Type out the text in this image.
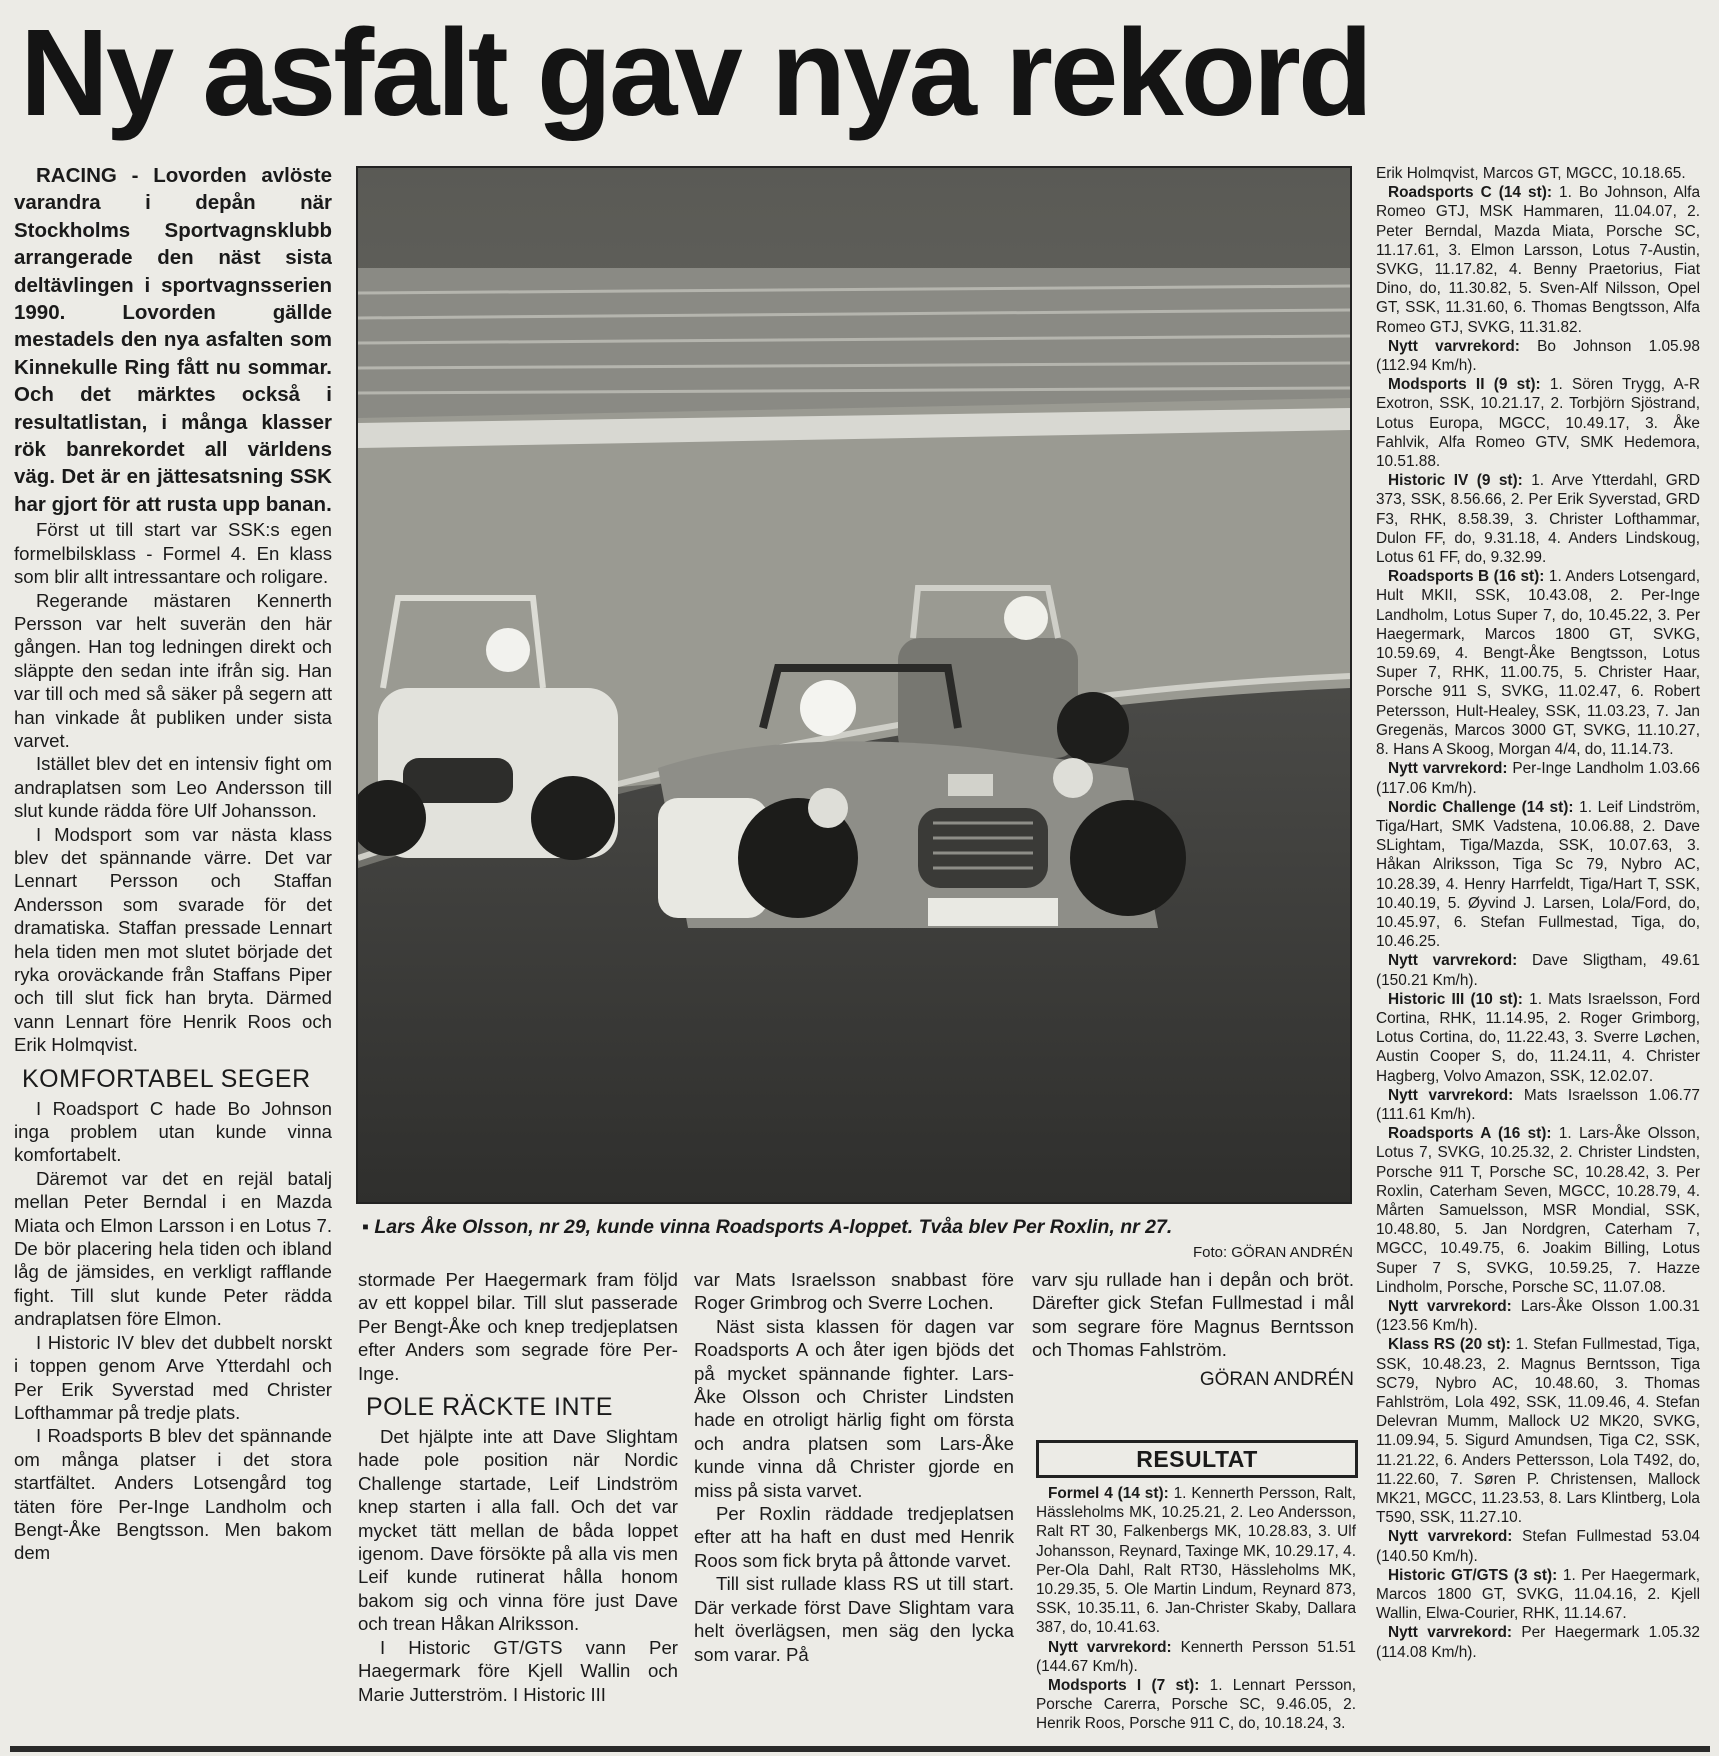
Ny asfalt gav nya rekord

RACING - Lovorden avlöste varandra i depån när Stockholms Sportvagnsklubb arrangerade den näst sista deltävlingen i sportvagnsserien 1990. Lovorden gällde mestadels den nya asfalten som Kinnekulle Ring fått nu sommar. Och det märktes också i resultatlistan, i många klasser rök banrekordet all världens väg. Det är en jättesatsning SSK har gjort för att rusta upp banan.

Först ut till start var SSK:s egen formelbilsklass - Formel 4. En klass som blir allt intressantare och roligare.

Regerande mästaren Kennerth Persson var helt suverän den här gången. Han tog ledningen direkt och släppte den sedan inte ifrån sig. Han var till och med så säker på segern att han vinkade åt publiken under sista varvet.

Istället blev det en intensiv fight om andraplatsen som Leo Andersson till slut kunde rädda före Ulf Johansson.

I Modsport som var nästa klass blev det spännande värre. Det var Lennart Persson och Staffan Andersson som svarade för det dramatiska. Staffan pressade Lennart hela tiden men mot slutet började det ryka oroväckande från Staffans Piper och till slut fick han bryta. Därmed vann Lennart före Henrik Roos och Erik Holmqvist.

KOMFORTABEL SEGER

I Roadsport C hade Bo Johnson inga problem utan kunde vinna komfortabelt.

Däremot var det en rejäl batalj mellan Peter Berndal i en Mazda Miata och Elmon Larsson i en Lotus 7. De bör placering hela tiden och ibland låg de jämsides, en verkligt rafflande fight. Till slut kunde Peter rädda andraplatsen före Elmon.

I Historic IV blev det dubbelt norskt i toppen genom Arve Ytterdahl och Per Erik Syverstad med Christer Lofthammar på tredje plats.

I Roadsports B blev det spännande om många platser i det stora startfältet. Anders Lotsengård tog täten före Per-Inge Landholm och Bengt-Åke Bengtsson. Men bakom dem

▪ Lars Åke Olsson, nr 29, kunde vinna Roadsports A-loppet. Tvåa blev Per Roxlin, nr 27.
Foto: GÖRAN ANDRÉN

stormade Per Haegermark fram följd av ett koppel bilar. Till slut passerade Per Bengt-Åke och knep tredjeplatsen efter Anders som segrade före Per-Inge.

POLE RÄCKTE INTE

Det hjälpte inte att Dave Slightam hade pole position när Nordic Challenge startade, Leif Lindström knep starten i alla fall. Och det var mycket tätt mellan de båda loppet igenom. Dave försökte på alla vis men Leif kunde rutinerat hålla honom bakom sig och vinna före just Dave och trean Håkan Alriksson.

I Historic GT/GTS vann Per Haegermark före Kjell Wallin och Marie Jutterström. I Historic III

var Mats Israelsson snabbast före Roger Grimbrog och Sverre Lochen.

Näst sista klassen för dagen var Roadsports A och åter igen bjöds det på mycket spännande fighter. Lars-Åke Olsson och Christer Lindsten hade en otroligt härlig fight om första och andra platsen som Lars-Åke kunde vinna då Christer gjorde en miss på sista varvet.

Per Roxlin räddade tredjeplatsen efter att ha haft en dust med Henrik Roos som fick bryta på åttonde varvet.

Till sist rullade klass RS ut till start. Där verkade först Dave Slightam vara helt överlägsen, men säg den lycka som varar. På

varv sju rullade han i depån och bröt. Därefter gick Stefan Fullmestad i mål som segrare före Magnus Berntsson och Thomas Fahlström.

GÖRAN ANDRÉN

RESULTAT

Formel 4 (14 st): 1. Kennerth Persson, Ralt, Hässleholms MK, 10.25.21, 2. Leo Andersson, Ralt RT 30, Falkenbergs MK, 10.28.83, 3. Ulf Johansson, Reynard, Taxinge MK, 10.29.17, 4. Per-Ola Dahl, Ralt RT30, Hässleholms MK, 10.29.35, 5. Ole Martin Lindum, Reynard 873, SSK, 10.35.11, 6. Jan-Christer Skaby, Dallara 387, do, 10.41.63.

Nytt varvrekord: Kennerth Persson 51.51 (144.67 Km/h).

Modsports I (7 st): 1. Lennart Persson, Porsche Carerra, Porsche SC, 9.46.05, 2. Henrik Roos, Porsche 911 C, do, 10.18.24, 3.

Erik Holmqvist, Marcos GT, MGCC, 10.18.65.

Roadsports C (14 st): 1. Bo Johnson, Alfa Romeo GTJ, MSK Hammaren, 11.04.07, 2. Peter Berndal, Mazda Miata, Porsche SC, 11.17.61, 3. Elmon Larsson, Lotus 7-Austin, SVKG, 11.17.82, 4. Benny Praetorius, Fiat Dino, do, 11.30.82, 5. Sven-Alf Nilsson, Opel GT, SSK, 11.31.60, 6. Thomas Bengtsson, Alfa Romeo GTJ, SVKG, 11.31.82.

Nytt varvrekord: Bo Johnson 1.05.98 (112.94 Km/h).

Modsports II (9 st): 1. Sören Trygg, A-R Exotron, SSK, 10.21.17, 2. Torbjörn Sjöstrand, Lotus Europa, MGCC, 10.49.17, 3. Åke Fahlvik, Alfa Romeo GTV, SMK Hedemora, 10.51.88.

Historic IV (9 st): 1. Arve Ytterdahl, GRD 373, SSK, 8.56.66, 2. Per Erik Syverstad, GRD F3, RHK, 8.58.39, 3. Christer Lofthammar, Dulon FF, do, 9.31.18, 4. Anders Lindskoug, Lotus 61 FF, do, 9.32.99.

Roadsports B (16 st): 1. Anders Lotsengard, Hult MKII, SSK, 10.43.08, 2. Per-Inge Landholm, Lotus Super 7, do, 10.45.22, 3. Per Haegermark, Marcos 1800 GT, SVKG, 10.59.69, 4. Bengt-Åke Bengtsson, Lotus Super 7, RHK, 11.00.75, 5. Christer Haar, Porsche 911 S, SVKG, 11.02.47, 6. Robert Petersson, Hult-Healey, SSK, 11.03.23, 7. Jan Gregenäs, Marcos 3000 GT, SVKG, 11.10.27, 8. Hans A Skoog, Morgan 4/4, do, 11.14.73.

Nytt varvrekord: Per-Inge Landholm 1.03.66 (117.06 Km/h).

Nordic Challenge (14 st): 1. Leif Lindström, Tiga/Hart, SMK Vadstena, 10.06.88, 2. Dave SLightam, Tiga/Mazda, SSK, 10.07.63, 3. Håkan Alriksson, Tiga Sc 79, Nybro AC, 10.28.39, 4. Henry Harrfeldt, Tiga/Hart T, SSK, 10.40.19, 5. Øyvind J. Larsen, Lola/Ford, do, 10.45.97, 6. Stefan Fullmestad, Tiga, do, 10.46.25.

Nytt varvrekord: Dave Sligtham, 49.61 (150.21 Km/h).

Historic III (10 st): 1. Mats Israelsson, Ford Cortina, RHK, 11.14.95, 2. Roger Grimborg, Lotus Cortina, do, 11.22.43, 3. Sverre Løchen, Austin Cooper S, do, 11.24.11, 4. Christer Hagberg, Volvo Amazon, SSK, 12.02.07.

Nytt varvrekord: Mats Israelsson 1.06.77 (111.61 Km/h).

Roadsports A (16 st): 1. Lars-Åke Olsson, Lotus 7, SVKG, 10.25.32, 2. Christer Lindsten, Porsche 911 T, Porsche SC, 10.28.42, 3. Per Roxlin, Caterham Seven, MGCC, 10.28.79, 4. Mårten Samuelsson, MSR Mondial, SSK, 10.48.80, 5. Jan Nordgren, Caterham 7, MGCC, 10.49.75, 6. Joakim Billing, Lotus Super 7 S, SVKG, 10.59.25, 7. Hazze Lindholm, Porsche, Porsche SC, 11.07.08.

Nytt varvrekord: Lars-Åke Olsson 1.00.31 (123.56 Km/h).

Klass RS (20 st): 1. Stefan Fullmestad, Tiga, SSK, 10.48.23, 2. Magnus Berntsson, Tiga SC79, Nybro AC, 10.48.60, 3. Thomas Fahlström, Lola 492, SSK, 11.09.46, 4. Stefan Delevran Mumm, Mallock U2 MK20, SVKG, 11.09.94, 5. Sigurd Amundsen, Tiga C2, SSK, 11.21.22, 6. Anders Pettersson, Lola T492, do, 11.22.60, 7. Søren P. Christensen, Mallock MK21, MGCC, 11.23.53, 8. Lars Klintberg, Lola T590, SSK, 11.27.10.

Nytt varvrekord: Stefan Fullmestad 53.04 (140.50 Km/h).

Historic GT/GTS (3 st): 1. Per Haegermark, Marcos 1800 GT, SVKG, 11.04.16, 2. Kjell Wallin, Elwa-Courier, RHK, 11.14.67.

Nytt varvrekord: Per Haegermark 1.05.32 (114.08 Km/h).
